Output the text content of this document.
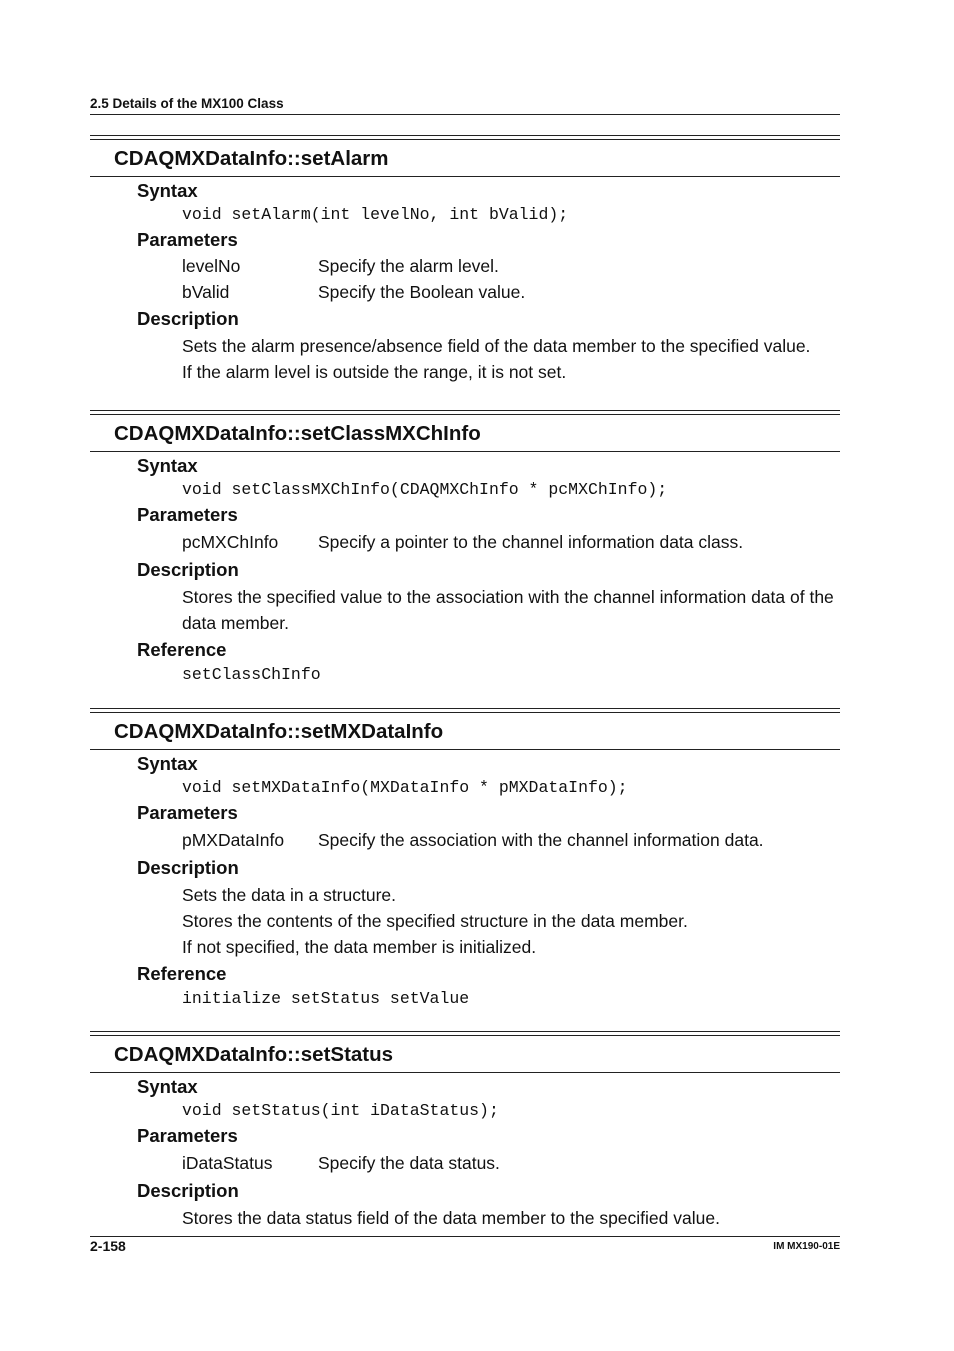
2.5 Details of the MX100 Class
CDAQMXDataInfo::setAlarm
Syntax
void setAlarm(int levelNo, int bValid);
Parameters
levelNo	Specify the alarm level.
bValid	Specify the Boolean value.
Description
Sets the alarm presence/absence field of the data member to the specified value.
If the alarm level is outside the range, it is not set.
CDAQMXDataInfo::setClassMXChInfo
Syntax
void setClassMXChInfo(CDAQMXChInfo * pcMXChInfo);
Parameters
pcMXChInfo	Specify a pointer to the channel information data class.
Description
Stores the specified value to the association with the channel information data of the data member.
Reference
setClassChInfo
CDAQMXDataInfo::setMXDataInfo
Syntax
void setMXDataInfo(MXDataInfo * pMXDataInfo);
Parameters
pMXDataInfo	Specify the association with the channel information data.
Description
Sets the data in a structure.
Stores the contents of the specified structure in the data member.
If not specified, the data member is initialized.
Reference
initialize setStatus setValue
CDAQMXDataInfo::setStatus
Syntax
void setStatus(int iDataStatus);
Parameters
iDataStatus	Specify the data status.
Description
Stores the data status field of the data member to the specified value.
2-158	IM MX190-01E
